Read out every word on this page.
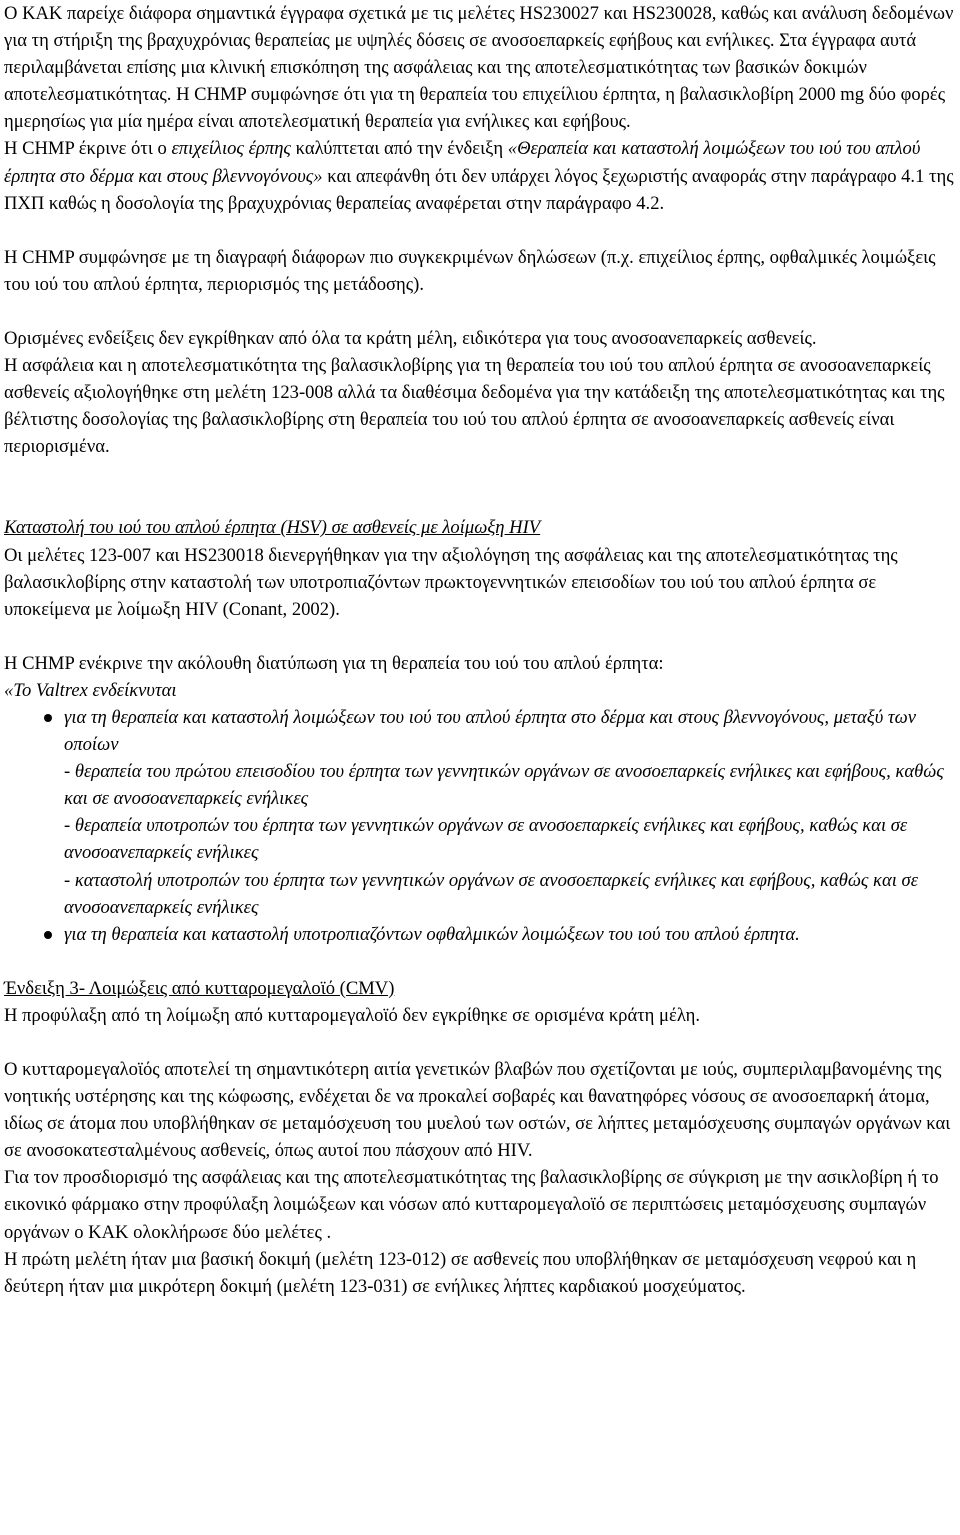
Ο ΚΑΚ παρείχε διάφορα σημαντικά έγγραφα σχετικά με τις μελέτες HS230027 και HS230028, καθώς και ανάλυση δεδομένων για τη στήριξη της βραχυχρόνιας θεραπείας με υψηλές δόσεις σε ανοσοεπαρκείς εφήβους και ενήλικες. Στα έγγραφα αυτά περιλαμβάνεται επίσης μια κλινική επισκόπηση της ασφάλειας και της αποτελεσματικότητας των βασικών δοκιμών αποτελεσματικότητας. Η CHMP συμφώνησε ότι για τη θεραπεία του επιχείλιου έρπητα, η βαλασικλοβίρη 2000 mg δύο φορές ημερησίως για μία ημέρα είναι αποτελεσματική θεραπεία για ενήλικες και εφήβους.

Η CHMP έκρινε ότι ο επιχείλιος έρπης καλύπτεται από την ένδειξη «Θεραπεία και καταστολή λοιμώξεων του ιού του απλού έρπητα στο δέρμα και στους βλεννογόνους» και απεφάνθη ότι δεν υπάρχει λόγος ξεχωριστής αναφοράς στην παράγραφο 4.1 της ΠΧΠ καθώς η δοσολογία της βραχυχρόνιας θεραπείας αναφέρεται στην παράγραφο 4.2.

Η CHMP συμφώνησε με τη διαγραφή διάφορων πιο συγκεκριμένων δηλώσεων (π.χ. επιχείλιος έρπης, οφθαλμικές λοιμώξεις του ιού του απλού έρπητα, περιορισμός της μετάδοσης).

Ορισμένες ενδείξεις δεν εγκρίθηκαν από όλα τα κράτη μέλη, ειδικότερα για τους ανοσοανεπαρκείς ασθενείς.

Η ασφάλεια και η αποτελεσματικότητα της βαλασικλοβίρης για τη θεραπεία του ιού του απλού έρπητα σε ανοσοανεπαρκείς ασθενείς αξιολογήθηκε στη μελέτη 123-008 αλλά τα διαθέσιμα δεδομένα για την κατάδειξη της αποτελεσματικότητας και της βέλτιστης δοσολογίας της βαλασικλοβίρης στη θεραπεία του ιού του απλού έρπητα σε ανοσοανεπαρκείς ασθενείς είναι περιορισμένα.

Καταστολή του ιού του απλού έρπητα (HSV) σε ασθενείς με λοίμωξη HIV

Οι μελέτες 123-007 και HS230018 διενεργήθηκαν για την αξιολόγηση της ασφάλειας και της αποτελεσματικότητας της βαλασικλοβίρης στην καταστολή των υποτροπιαζόντων πρωκτογεννητικών επεισοδίων του ιού του απλού έρπητα σε υποκείμενα με λοίμωξη HIV (Conant, 2002).

Η CHMP ενέκρινε την ακόλουθη διατύπωση για τη θεραπεία του ιού του απλού έρπητα:

«Το Valtrex ενδείκνυται

για τη θεραπεία και καταστολή λοιμώξεων του ιού του απλού έρπητα στο δέρμα και στους βλεννογόνους, μεταξύ των οποίων
- θεραπεία του πρώτου επεισοδίου του έρπητα των γεννητικών οργάνων σε ανοσοεπαρκείς ενήλικες και εφήβους, καθώς και σε ανοσοανεπαρκείς ενήλικες
- θεραπεία υποτροπών του έρπητα των γεννητικών οργάνων σε ανοσοεπαρκείς ενήλικες και εφήβους, καθώς και σε ανοσοανεπαρκείς ενήλικες
- καταστολή υποτροπών του έρπητα των γεννητικών οργάνων σε ανοσοεπαρκείς ενήλικες και εφήβους, καθώς και σε ανοσοανεπαρκείς ενήλικες
για τη θεραπεία και καταστολή υποτροπιαζόντων οφθαλμικών λοιμώξεων του ιού του απλού έρπητα.

Ένδειξη 3- Λοιμώξεις από κυτταρομεγαλοϊό (CMV)

Η προφύλαξη από τη λοίμωξη από κυτταρομεγαλοϊό δεν εγκρίθηκε σε ορισμένα κράτη μέλη.

Ο κυτταρομεγαλοϊός αποτελεί τη σημαντικότερη αιτία γενετικών βλαβών που σχετίζονται με ιούς, συμπεριλαμβανομένης της νοητικής υστέρησης και της κώφωσης, ενδέχεται δε να προκαλεί σοβαρές και θανατηφόρες νόσους σε ανοσοεπαρκή άτομα, ιδίως σε άτομα που υποβλήθηκαν σε μεταμόσχευση του μυελού των οστών, σε λήπτες μεταμόσχευσης συμπαγών οργάνων και σε ανοσοκατεσταλμένους ασθενείς, όπως αυτοί που πάσχουν από HIV.

Για τον προσδιορισμό της ασφάλειας και της αποτελεσματικότητας της βαλασικλοβίρης σε σύγκριση με την ασικλοβίρη ή το εικονικό φάρμακο στην προφύλαξη λοιμώξεων και νόσων από κυτταρομεγαλοϊό σε περιπτώσεις μεταμόσχευσης συμπαγών οργάνων ο ΚΑΚ ολοκλήρωσε δύο μελέτες .

Η πρώτη μελέτη ήταν μια βασική δοκιμή (μελέτη 123-012) σε ασθενείς που υποβλήθηκαν σε μεταμόσχευση νεφρού και η δεύτερη ήταν μια μικρότερη δοκιμή (μελέτη 123-031) σε ενήλικες λήπτες καρδιακού μοσχεύματος.
